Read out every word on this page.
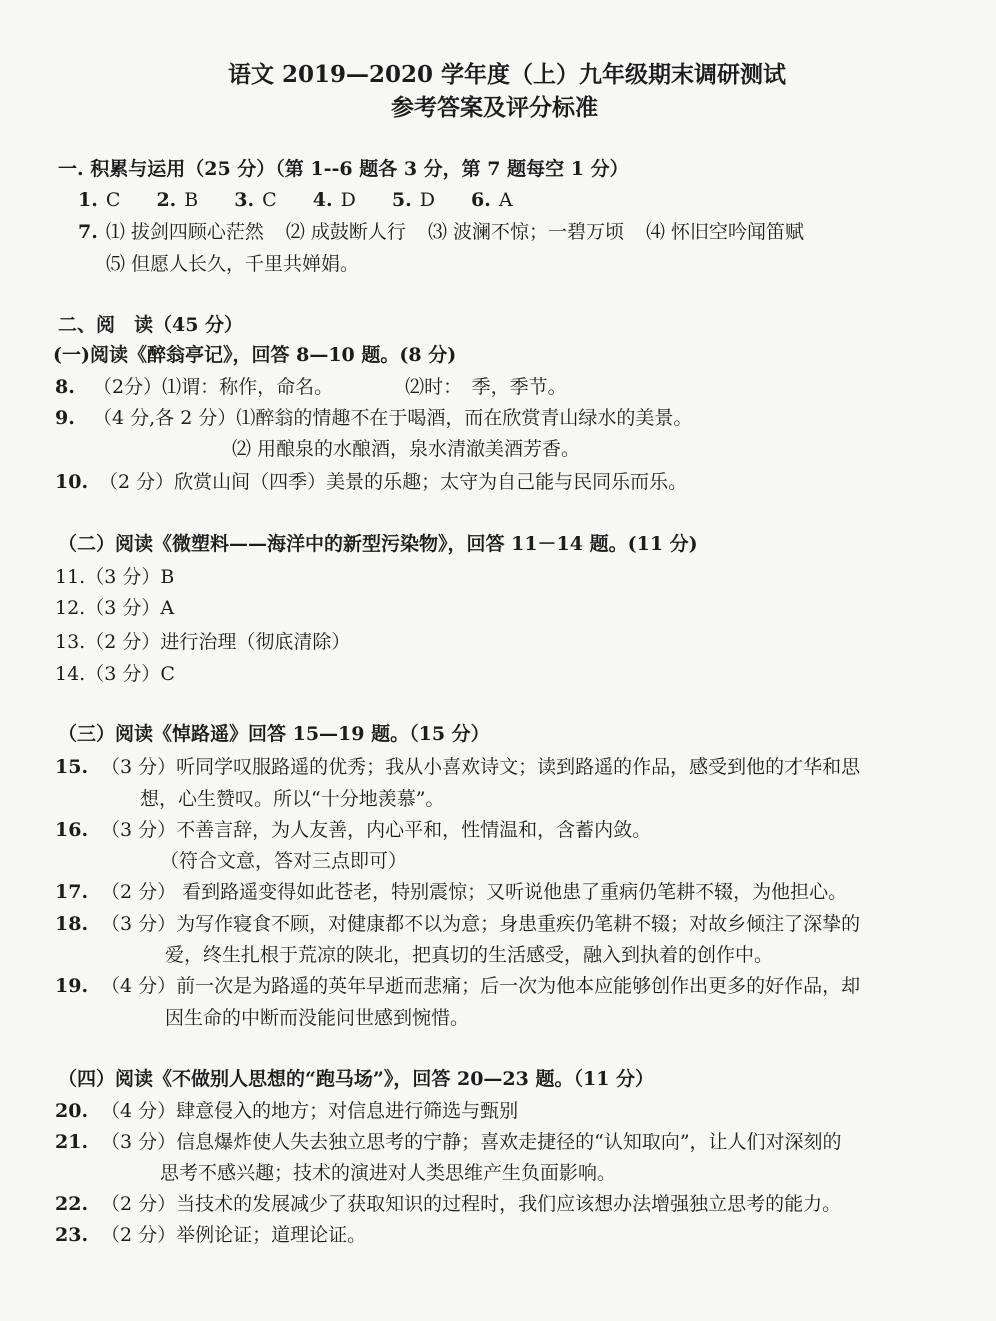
语文 2019—2020 学年度（上）九年级期末调研测试
参考答案及评分标准
一. 积累与运用（25 分）（第 1--6 题各 3 分，第 7 题每空 1 分）
1. C 2. B 3. C 4. D 5. D 6. A
7. ⑴ 拔剑四顾心茫然 ⑵ 成鼓断人行 ⑶ 波澜不惊；一碧万顷 ⑷ 怀旧空吟闻笛赋
⑸ 但愿人长久，千里共婵娟。
二、阅　读（45 分）
(一)阅读《醉翁亭记》，回答 8—10 题。(8 分)
8. （2分）⑴谓：称作，命名。	⑵时：　季，季节。
9. （4 分,各 2 分）⑴醉翁的情趣不在于喝酒，而在欣赏青山绿水的美景。
⑵ 用酿泉的水酿酒，泉水清澈美酒芳香。
10. （2 分）欣赏山间（四季）美景的乐趣；太守为自己能与民同乐而乐。
（二）阅读《微塑料——海洋中的新型污染物》，回答 11－14 题。(11 分)
11.（3 分）B
12.（3 分）A
13.（2 分）进行治理（彻底清除）
14.（3 分）C
（三）阅读《悼路遥》回答 15—19 题。（15 分）
15. （3 分）听同学叹服路遥的优秀；我从小喜欢诗文；读到路遥的作品，感受到他的才华和思
想，心生赞叹。所以“十分地羡慕”。
16. （3 分）不善言辞，为人友善，内心平和，性情温和，含蓄内敛。
（符合文意，答对三点即可）
17. （2 分） 看到路遥变得如此苍老，特别震惊；又听说他患了重病仍笔耕不辍，为他担心。
18. （3 分）为写作寝食不顾，对健康都不以为意；身患重疾仍笔耕不辍；对故乡倾注了深挚的
爱，终生扎根于荒凉的陕北，把真切的生活感受，融入到执着的创作中。
19. （4 分）前一次是为路遥的英年早逝而悲痛；后一次为他本应能够创作出更多的好作品，却
因生命的中断而没能问世感到惋惜。
（四）阅读《不做别人思想的“跑马场”》，回答 20—23 题。（11 分）
20. （4 分）肆意侵入的地方；对信息进行筛选与甄别
21. （3 分）信息爆炸使人失去独立思考的宁静；喜欢走捷径的“认知取向”，让人们对深刻的
思考不感兴趣；技术的演进对人类思维产生负面影响。
22. （2 分）当技术的发展减少了获取知识的过程时，我们应该想办法增强独立思考的能力。
23. （2 分）举例论证；道理论证。
